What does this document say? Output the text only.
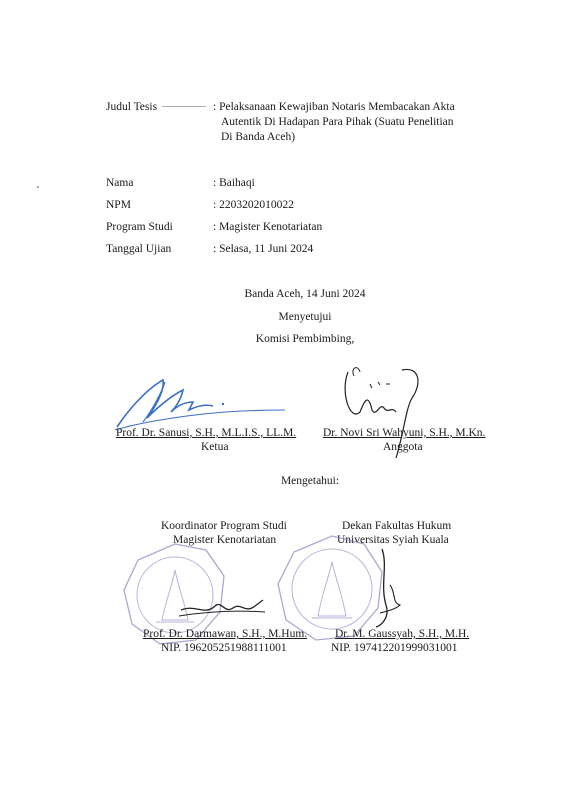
Judul Tesis	: Pelaksanaan Kewajiban Notaris Membacakan Akta
Autentik Di Hadapan Para Pihak (Suatu Penelitian
Di Banda Aceh)
Nama	: Baihaqi
NPM	: 2203202010022
Program Studi	: Magister Kenotariatan
Tanggal Ujian	: Selasa, 11 Juni 2024
Banda Aceh, 14 Juni 2024
Menyetujui
Komisi Pembimbing,
Prof. Dr. Sanusi, S.H., M.L.I.S., LL.M.
Ketua
Dr. Novi Sri Wahyuni, S.H., M.Kn.
Anggota
Mengetahui:
Koordinator Program Studi
Magister Kenotariatan
Dekan Fakultas Hukum
Universitas Syiah Kuala
Prof. Dr. Darmawan, S.H., M.Hum.
NIP. 196205251988111001
Dr. M. Gaussyah, S.H., M.H.
NIP. 197412201999031001
